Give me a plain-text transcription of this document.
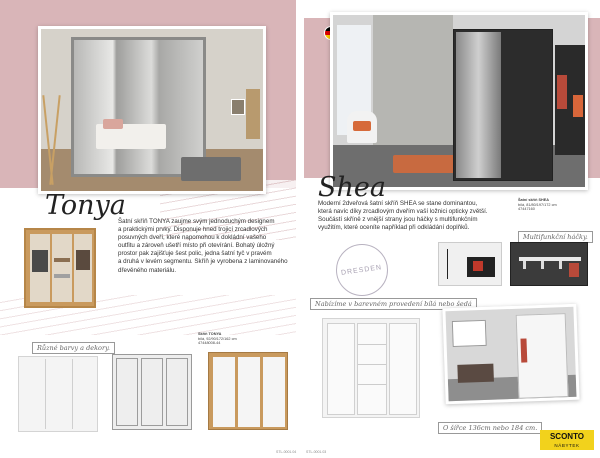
Tonya
Šatní skříň TONYA zaujme svým jednoduchým designem
a praktickými prvky. Disponuje hned trojicí zrcadlových
posuvných dveří, které napomohou k dokládní vašeho
outfitu a zároveň ušetří místo při otevírání. Bohatý úložný
prostor pak zajišťuje šest polic, jedna šatní tyč v pravém
a druhá v levém segmentu. Skříň je vyrobena z laminovaného
dřevěného materiálu.
Různé barvy a dekory.
Skříň TONYA
bílá, 92/90/172/162 cm
47448008-44
Shea
Moderní 2dveřová šatní skříň SHEA se stane dominantou,
která navíc díky zrcadlovým dveřím vaší ložnici opticky zvětší.
Součástí skříně z vnější strany jsou háčky s multifunkčním
využitím, které oceníte například při odkládání doplňků.
Šatní skříň SHEA
bílá, 81/80/197/172 cm
47447160
DRESDEN
Multifunkční háčky.
Nabízíme v barevném provedení bílá nebo šedá
O šířce 136cm nebo 184 cm.
SCONTO
NÁBYTEK
STL-0001.04	STL-0001.03
